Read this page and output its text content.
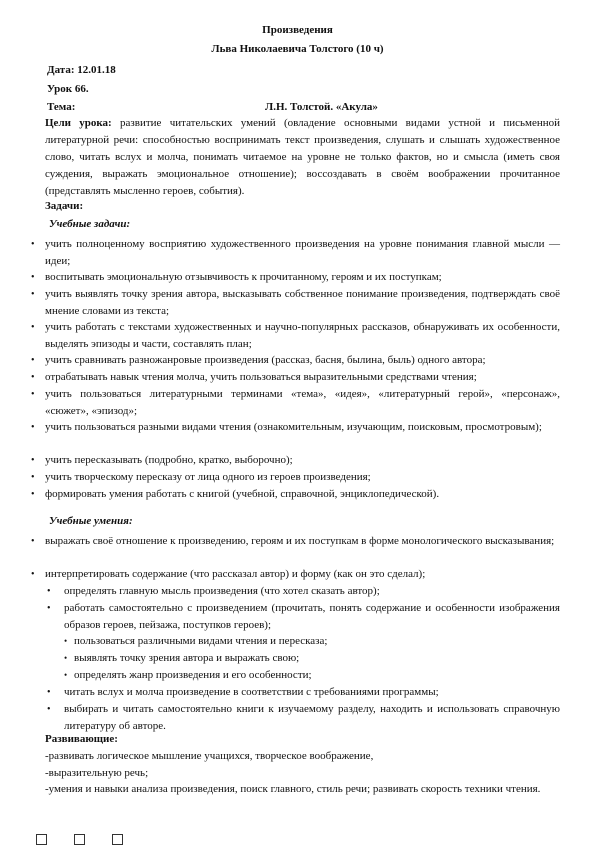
Произведения
Льва Николаевича Толстого (10 ч)
Дата: 12.01.18
Урок 66.
Тема:	Л.Н. Толстой. «Акула»
Цели урока: развитие читательских умений (овладение основными видами устной и письменной литературной речи: способностью воспринимать текст произведения, слушать и слышать художественное слово, читать вслух и молча, понимать читаемое на уровне не только фактов, но и смысла (иметь своя суждения, выражать эмоциональное отношение); воссоздавать в своём воображении прочитанное (представлять мысленно героев, события).
Задачи:
Учебные задачи:
• учить полноценному восприятию художественного произведения на уровне понимания главной мысли — идеи;
• воспитывать эмоциональную отзывчивость к прочитанному, героям и их поступкам;
• учить выявлять точку зрения автора, высказывать собственное понимание произведения, подтверждать своё мнение словами из текста;
• учить работать с текстами художественных и научно-популярных рассказов, обнаруживать их особенности, выделять эпизоды и части, составлять план;
• учить сравнивать разножанровые произведения (рассказ, басня, былина, быль) одного автора;
• отрабатывать навык чтения молча, учить пользоваться выразительными средствами чтения;
• учить пользоваться литературными терминами «тема», «идея», «литературный герой», «персонаж», «сюжет», «эпизод»;
• учить пользоваться разными видами чтения (ознакомительным, изучающим, поисковым, просмотровым);
• учить пересказывать (подробно, кратко, выборочно);
• учить творческому пересказу от лица одного из героев произведения;
• формировать умения работать с книгой (учебной, справочной, энциклопедической).
Учебные умения:
• выражать своё отношение к произведению, героям и их поступкам в форме монологического высказывания;
• интерпретировать содержание (что рассказал автор) и форму (как он это сделал);
• определять главную мысль произведения (что хотел сказать автор);
• работать самостоятельно с произведением (прочитать, понять содержание и особенности изображения образов героев, пейзажа, поступков героев);
• пользоваться различными видами чтения и пересказа;
• выявлять точку зрения автора и выражать свою;
• определять жанр произведения и его особенности;
• читать вслух и молча произведение в соответствии с требованиями программы;
• выбирать и читать самостоятельно книги к изучаемому разделу, находить и использовать справочную литературу об авторе.
Развивающие:
-развивать логическое мышление учащихся, творческое воображение,
-выразительную речь;
-умения и навыки анализа произведения, поиск главного, стиль речи; развивать скорость техники чтения.
